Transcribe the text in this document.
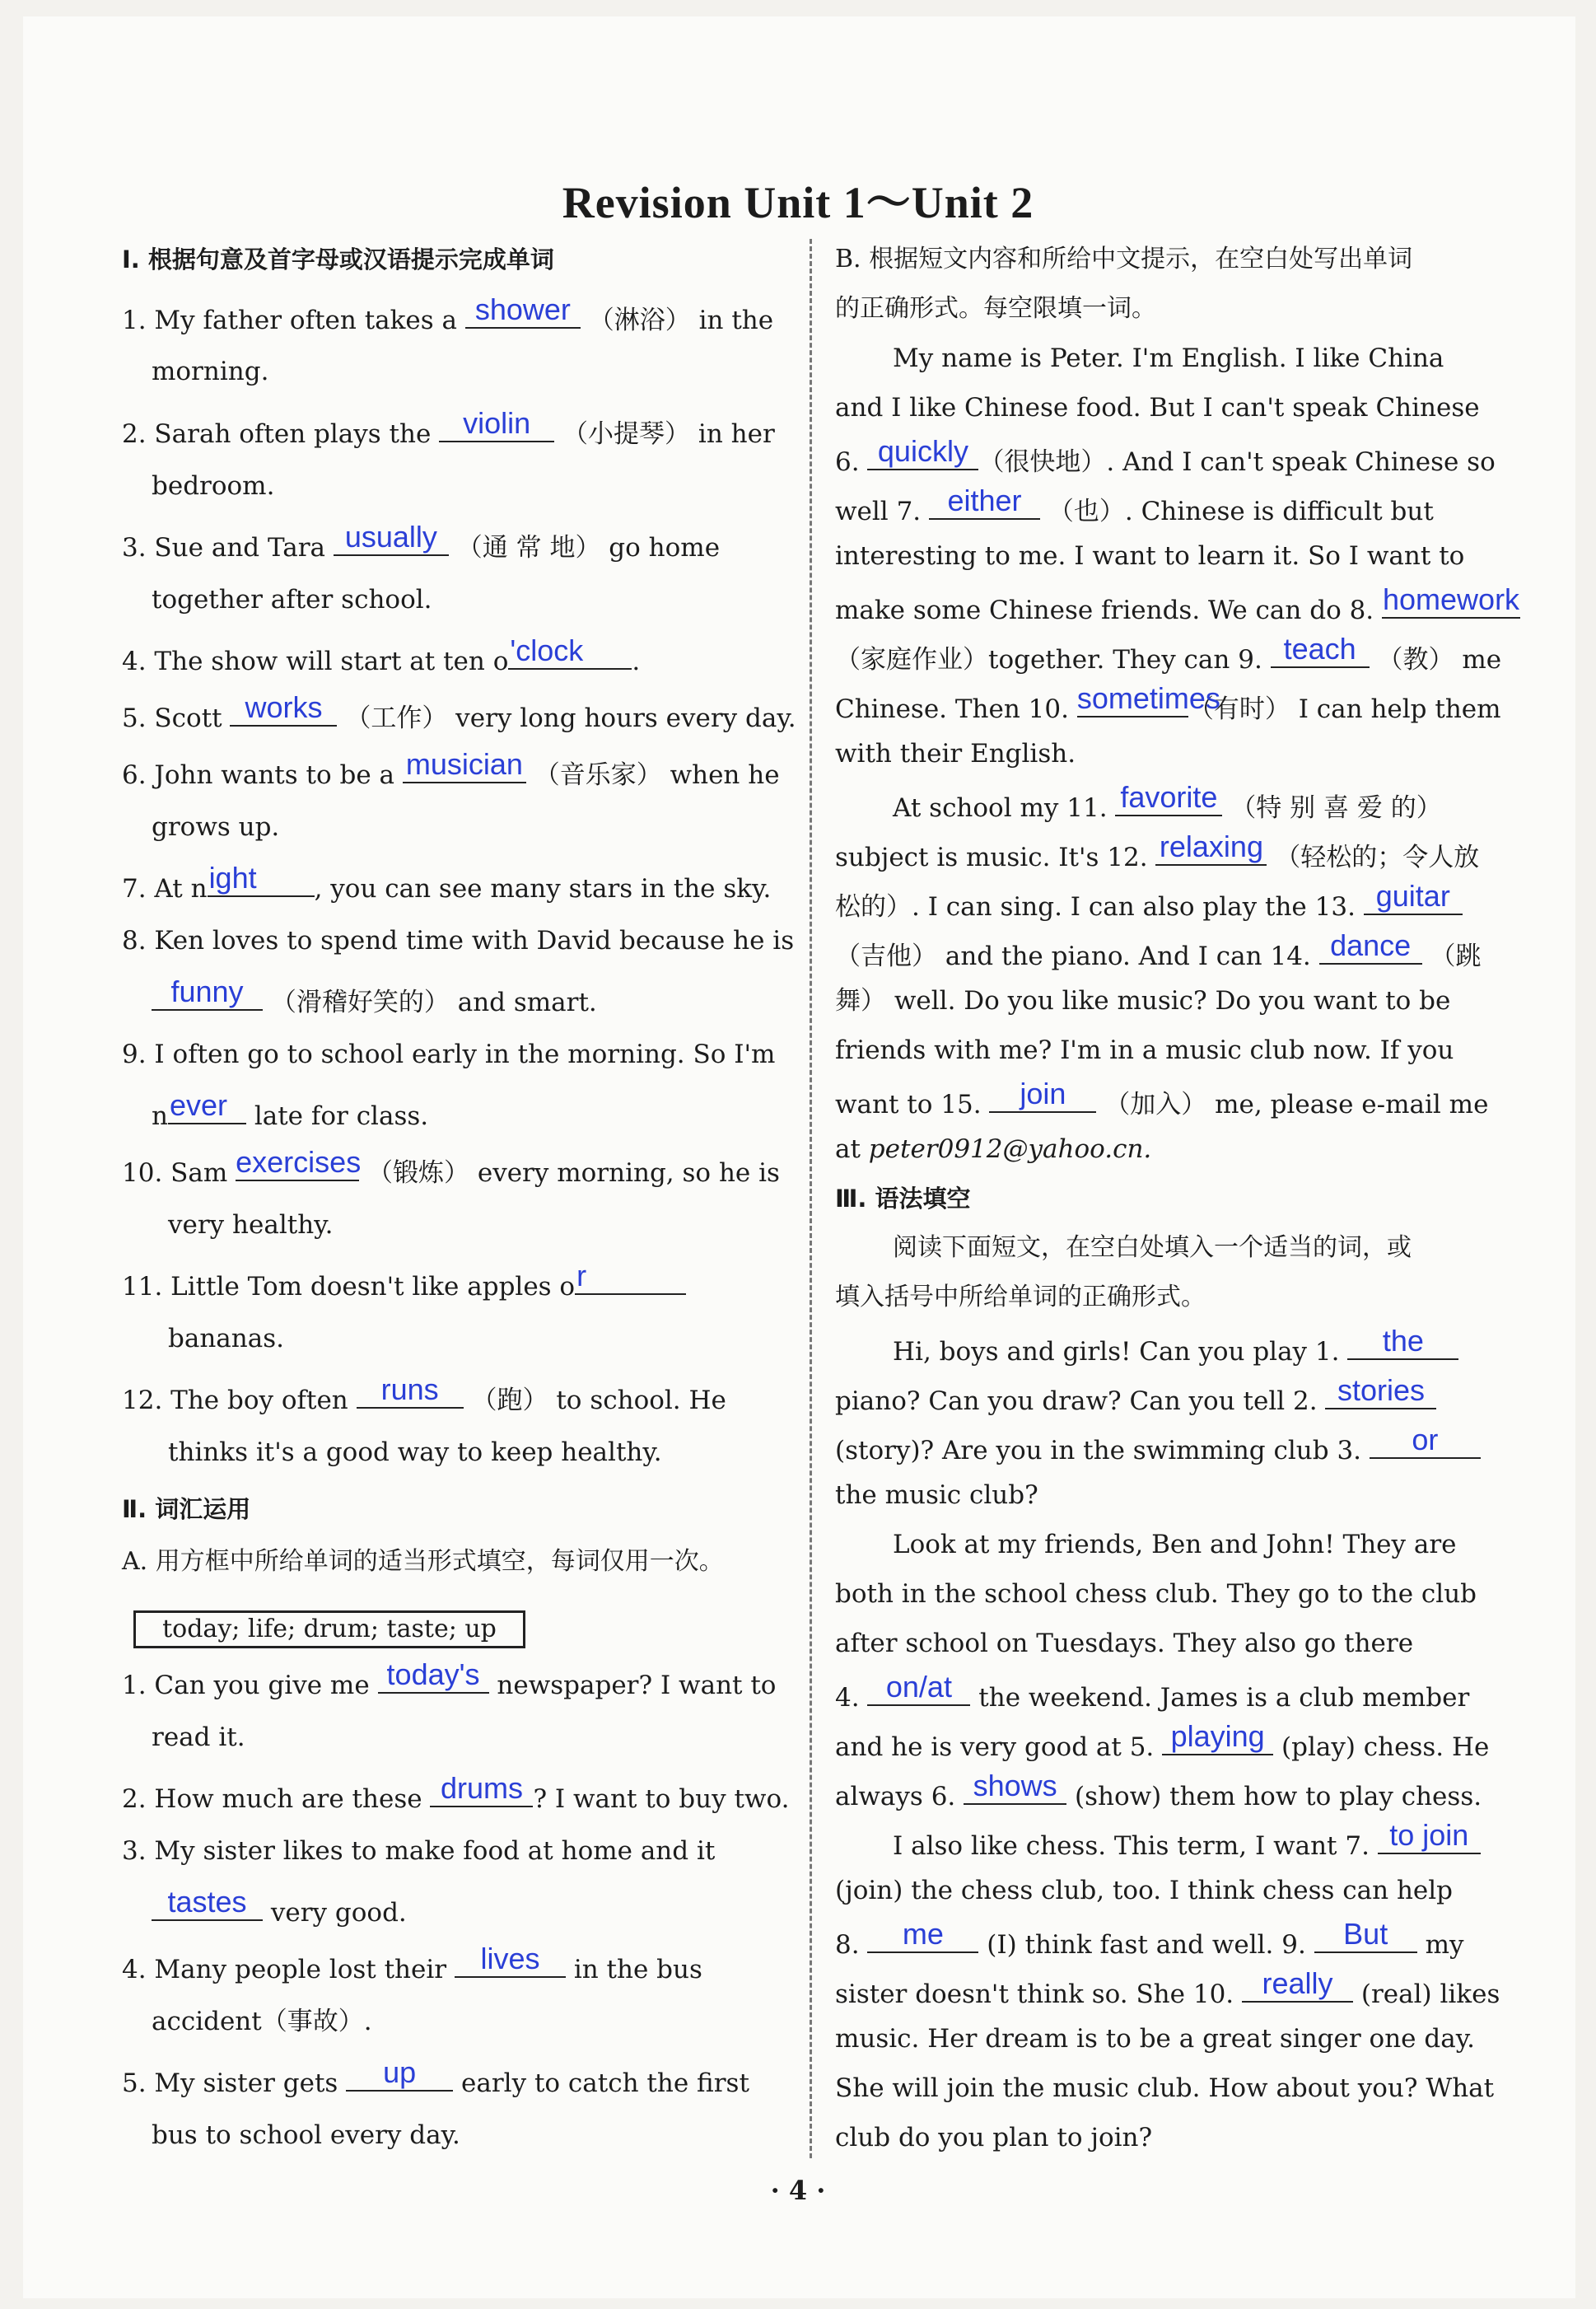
Revision Unit 1～Unit 2
Ⅰ. 根据句意及首字母或汉语提示完成单词
1. My father often takes a shower （淋浴） in the
morning.
2. Sarah often plays the	violin	（小提琴） in her
bedroom.
3. Sue and Tara usually （通 常 地） go home
together after school.
4. The show will start at ten o 'clock	.
5. Scott works （工作） very long hours every day.
6. John wants to be a musician （音乐家） when he
grows up.
7. At n ight	, you can see many stars in the sky.
8. Ken loves to spend time with David because he is
funny	（滑稽好笑的） and smart.
9. I often go to school early in the morning. So I'm
n ever	late for class.
10. Sam exercises （锻炼） every morning, so he is
very healthy.
11. Little Tom doesn't like apples o r
bananas.
12. The boy often	runs	（跑） to school. He
thinks it's a good way to keep healthy.
Ⅱ. 词汇运用
A. 用方框中所给单词的适当形式填空，每词仅用一次。
today; life; drum; taste; up
1. Can you give me today's newspaper? I want to
read it.
2. How much are these drums ? I want to buy two.
3. My sister likes to make food at home and it
tastes very good.
4. Many people lost their	lives	in the bus
accident（事故）.
5. My sister gets	up	early to catch the first
bus to school every day.
B. 根据短文内容和所给中文提示，在空白处写出单词
的正确形式。每空限填一词。
My name is Peter. I'm English. I like China
and I like Chinese food. But I can't speak Chinese
6. quickly （很快地）. And I can't speak Chinese so
well 7. either	（也）. Chinese is difficult but
interesting to me. I want to learn it. So I want to
make some Chinese friends. We can do 8. homework
（家庭作业）together. They can 9. teach （教） me
Chinese. Then 10. sometimes
（有时） I can help them
with their English.
At school my 11. favorite （特 别 喜 爱 的）
subject is music. It's 12. relaxing （轻松的；令人放
松的）. I can sing. I can also play the 13. guitar
（吉他） and the piano. And I can 14. dance （跳
舞） well. Do you like music? Do you want to be
friends with me? I'm in a music club now. If you
want to 15.	join	（加入） me, please e-mail me
at peter0912@yahoo.cn.
Ⅲ. 语法填空
阅读下面短文，在空白处填入一个适当的词，或
填入括号中所给单词的正确形式。
Hi, boys and girls! Can you play 1.	the
piano? Can you draw? Can you tell 2. stories
(story)? Are you in the swimming club 3.	or
the music club?
Look at my friends, Ben and John! They are
both in the school chess club. They go to the club
after school on Tuesdays. They also go there
4. on/at	the weekend. James is a club member
and he is very good at 5. playing (play) chess. He
always 6. shows (show) them how to play chess.
I also like chess. This term, I want 7. to join
(join) the chess club, too. I think chess can help
8.	me	(I) think fast and well. 9.	But	my
sister doesn't think so. She 10. really	(real) likes
music. Her dream is to be a great singer one day.
She will join the music club. How about you? What
club do you plan to join?
· 4 ·
